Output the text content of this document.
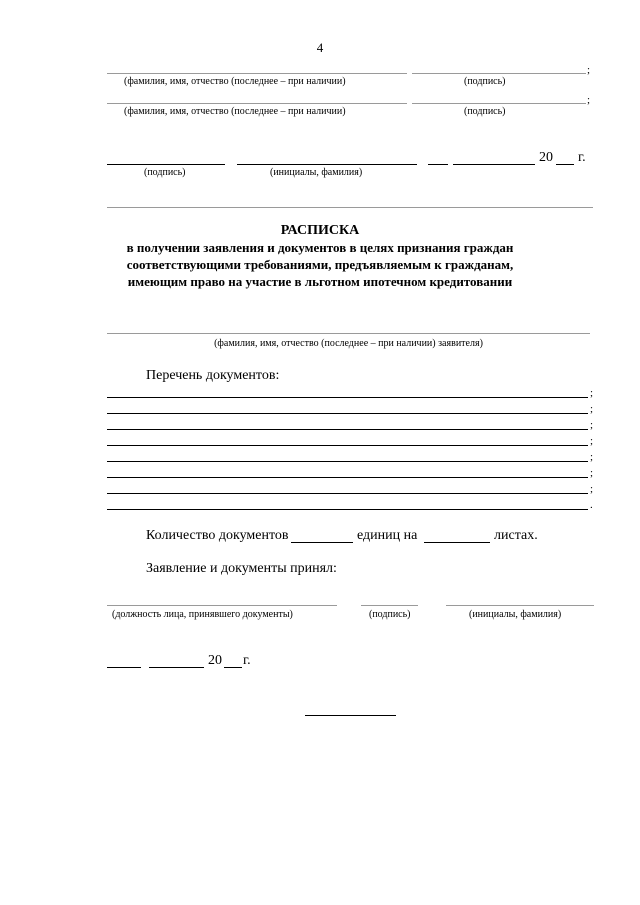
4
;
(фамилия, имя, отчество (последнее – при наличии)	(подпись)
;
(фамилия, имя, отчество (последнее – при наличии)	(подпись)
20 г.
(подпись)	(инициалы, фамилия)
РАСПИСКА
в получении заявления и документов в целях признания граждан
соответствующими требованиями, предъявляемым к гражданам,
имеющим право на участие в льготном ипотечном кредитовании
(фамилия, имя, отчество (последнее – при наличии) заявителя)
Перечень документов:
;
;
;
;
;
;
;
.
Количество документов	единиц на	листах.
Заявление и документы принял:
(должность лица, принявшего документы)	(подпись)	(инициалы, фамилия)
20 г.
